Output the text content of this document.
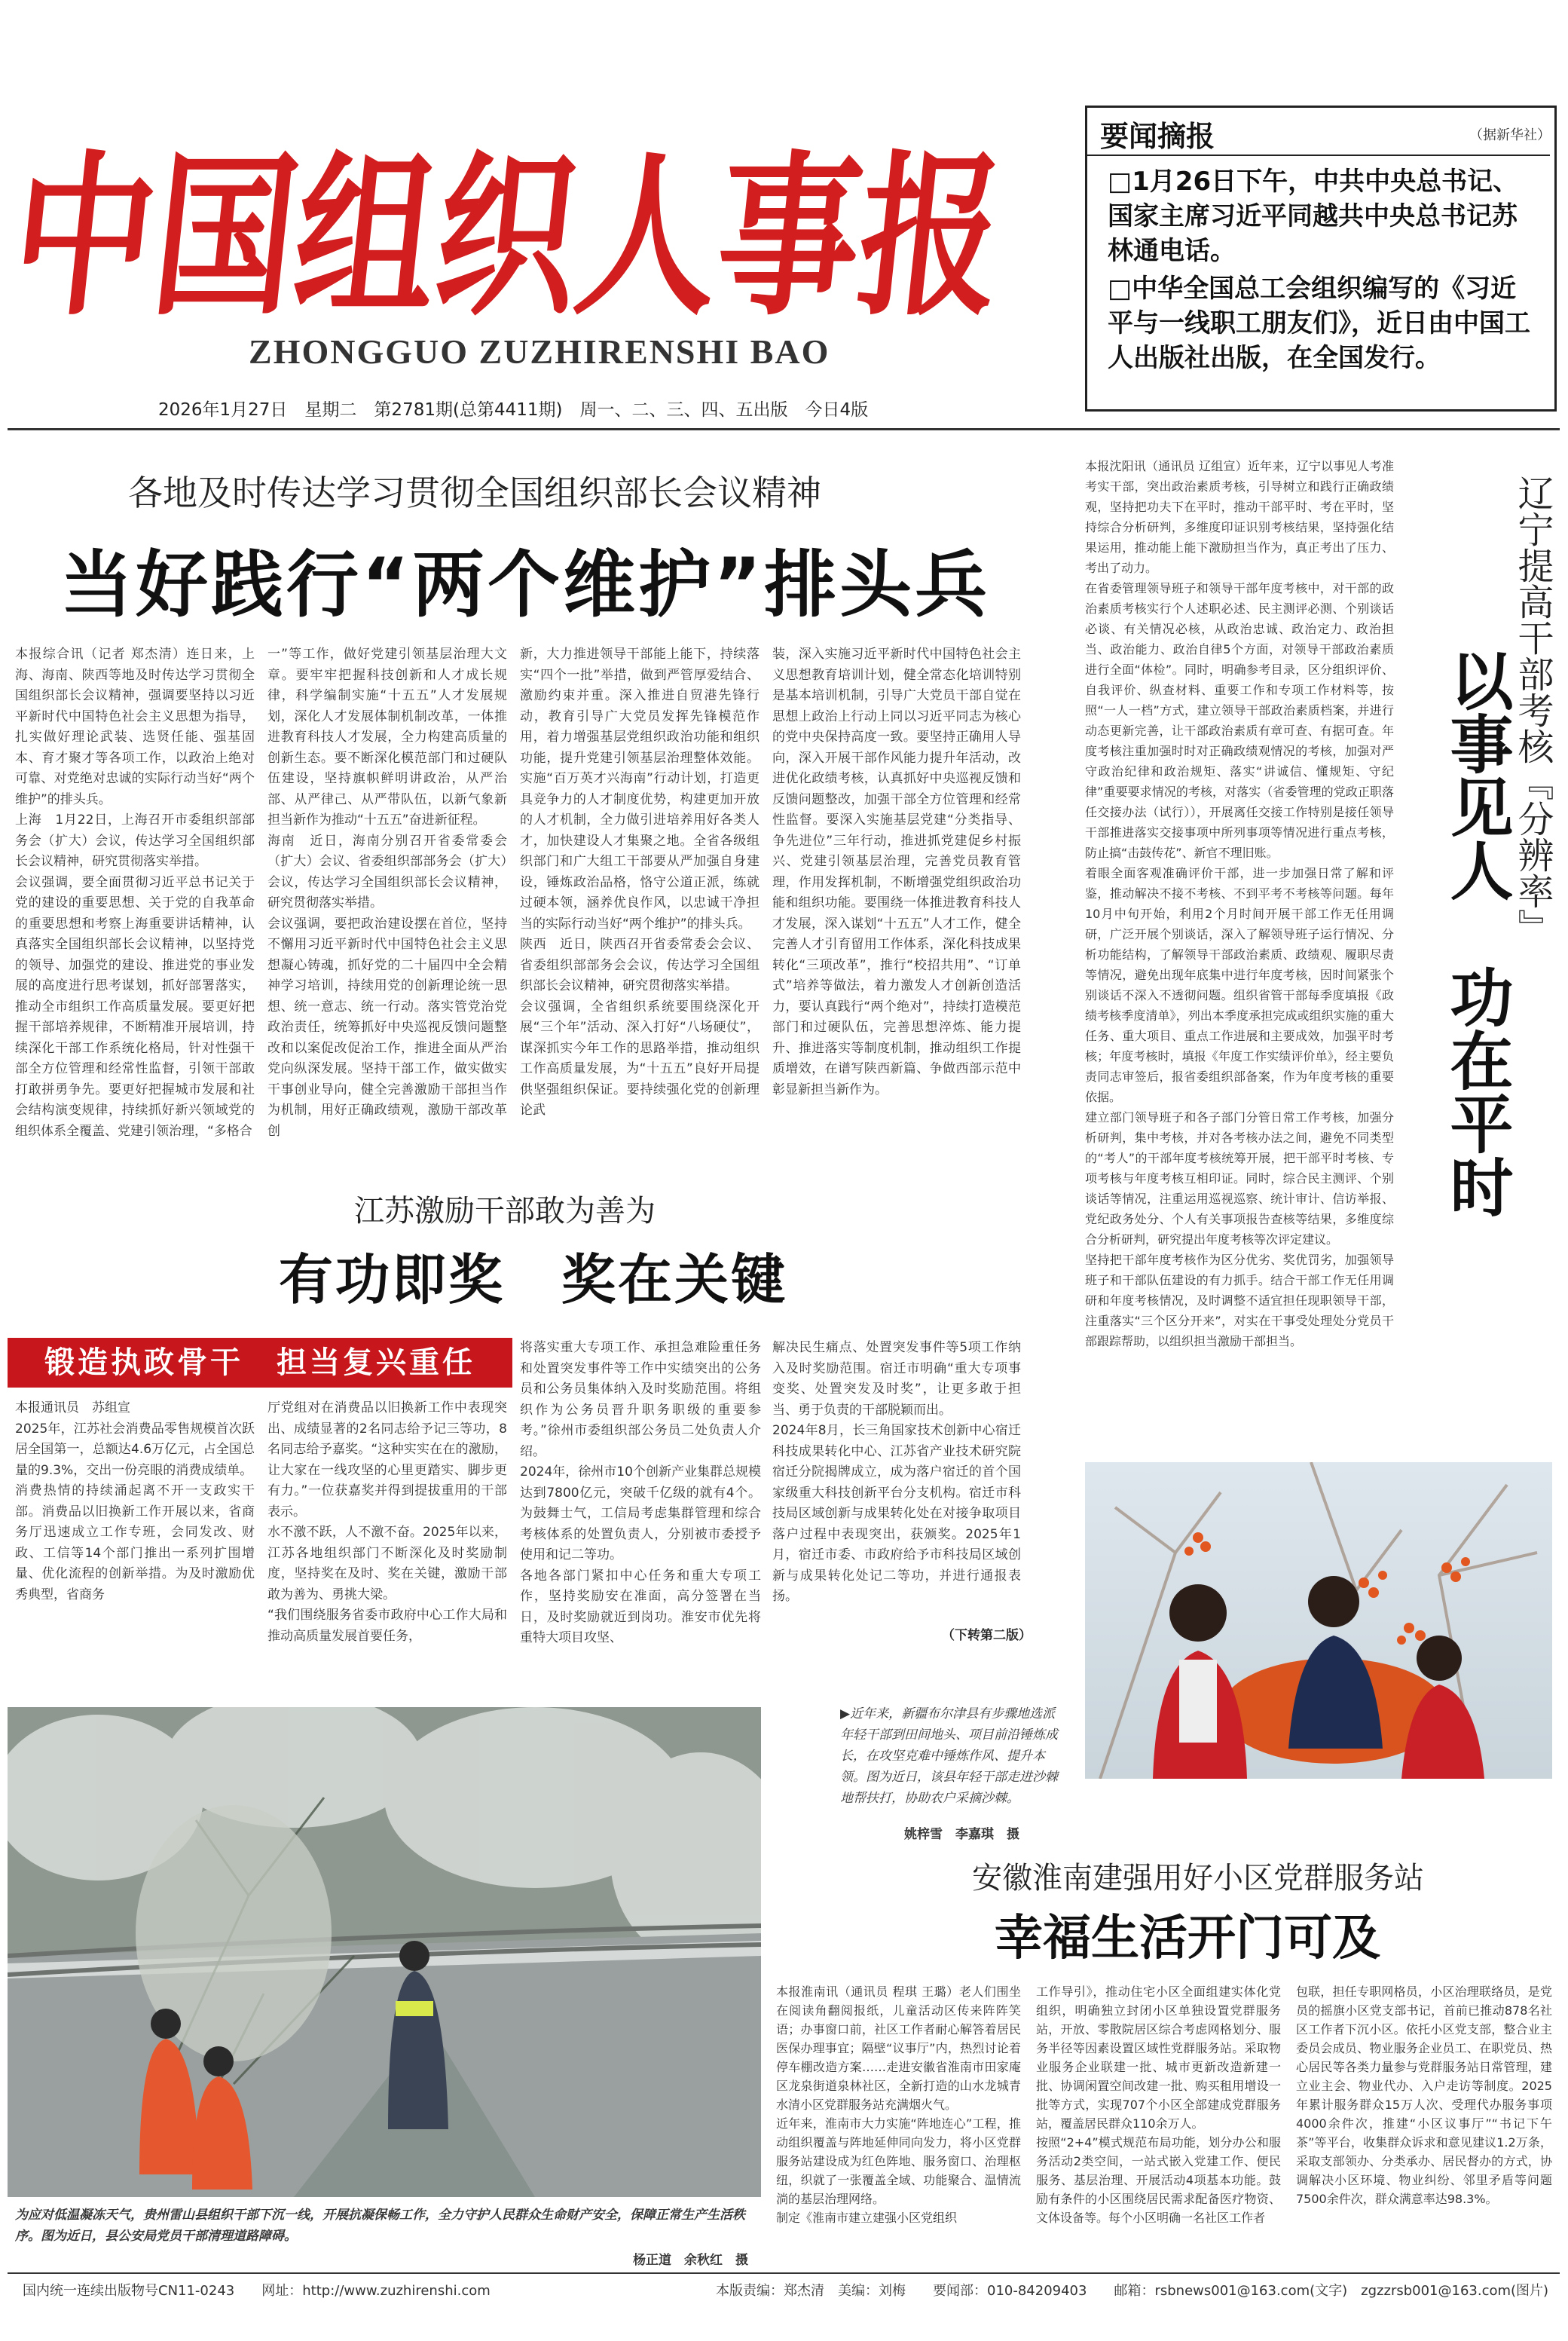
中国组织人事报
ZHONGGUO ZUZHIRENSHI BAO
2026年1月27日　星期二　第2781期(总第4411期)　周一、二、三、四、五出版　今日4版
要闻摘报	（据新华社）
□1月26日下午，中共中央总书记、国家主席习近平同越共中央总书记苏林通电话。
□中华全国总工会组织编写的《习近平与一线职工朋友们》，近日由中国工人出版社出版，在全国发行。
各地及时传达学习贯彻全国组织部长会议精神
当好践行“两个维护”排头兵
本报综合讯（记者 郑杰清）连日来，上海、海南、陕西等地及时传达学习贯彻全国组织部长会议精神，强调要坚持以习近平新时代中国特色社会主义思想为指导，扎实做好理论武装、选贤任能、强基固本、育才聚才等各项工作，以政治上绝对可靠、对党绝对忠诚的实际行动当好“两个维护”的排头兵。
上海　1月22日，上海召开市委组织部部务会（扩大）会议，传达学习全国组织部长会议精神，研究贯彻落实举措。
会议强调，要全面贯彻习近平总书记关于党的建设的重要思想、关于党的自我革命的重要思想和考察上海重要讲话精神，认真落实全国组织部长会议精神，以坚持党的领导、加强党的建设、推进党的事业发展的高度进行思考谋划，抓好部署落实，推动全市组织工作高质量发展。要更好把握干部培养规律，不断精准开展培训，持续深化干部工作系统化格局，针对性强干部全方位管理和经常性监督，引领干部敢打敢拼勇争先。要更好把握城市发展和社会结构演变规律，持续抓好新兴领域党的组织体系全覆盖、党建引领治理，“多格合
一”等工作，做好党建引领基层治理大文章。要牢牢把握科技创新和人才成长规律，科学编制实施“十五五”人才发展规划，深化人才发展体制机制改革，一体推进教育科技人才发展，全力构建高质量的创新生态。要不断深化模范部门和过硬队伍建设，坚持旗帜鲜明讲政治，从严治部、从严律己、从严带队伍，以新气象新担当新作为推动“十五五”奋进新征程。
海南　近日，海南分别召开省委常委会（扩大）会议、省委组织部部务会（扩大）会议，传达学习全国组织部长会议精神，研究贯彻落实举措。
会议强调，要把政治建设摆在首位，坚持不懈用习近平新时代中国特色社会主义思想凝心铸魂，抓好党的二十届四中全会精神学习培训，持续用党的创新理论统一思想、统一意志、统一行动。落实管党治党政治责任，统筹抓好中央巡视反馈问题整改和以案促改促治工作，推进全面从严治党向纵深发展。坚持干部工作，做实做实干事创业导向，健全完善激励干部担当作为机制，用好正确政绩观，激励干部改革创
新，大力推进领导干部能上能下，持续落实“四个一批”举措，做到严管厚爱结合、激励约束并重。深入推进自贸港先锋行动，教育引导广大党员发挥先锋模范作用，着力增强基层党组织政治功能和组织功能，提升党建引领基层治理整体效能。实施“百万英才兴海南”行动计划，打造更具竞争力的人才制度优势，构建更加开放的人才机制，全力做引进培养用好各类人才，加快建设人才集聚之地。全省各级组织部门和广大组工干部要从严加强自身建设，锤炼政治品格，恪守公道正派，练就过硬本领，涵养优良作风，以忠诚干净担当的实际行动当好“两个维护”的排头兵。
陕西　近日，陕西召开省委常委会会议、省委组织部部务会会议，传达学习全国组织部长会议精神，研究贯彻落实举措。
会议强调，全省组织系统要围绕深化开展“三个年”活动、深入打好“八场硬仗”，谋深抓实今年工作的思路举措，推动组织工作高质量发展，为“十五五”良好开局提供坚强组织保证。要持续强化党的创新理论武
装，深入实施习近平新时代中国特色社会主义思想教育培训计划，健全常态化培训特别是基本培训机制，引导广大党员干部自觉在思想上政治上行动上同以习近平同志为核心的党中央保持高度一致。要坚持正确用人导向，深入开展干部作风能力提升年活动，改进优化政绩考核，认真抓好中央巡视反馈和反馈问题整改，加强干部全方位管理和经常性监督。要深入实施基层党建“分类指导、争先进位”三年行动，推进抓党建促乡村振兴、党建引领基层治理，完善党员教育管理，作用发挥机制，不断增强党组织政治功能和组织功能。要围绕一体推进教育科技人才发展，深入谋划“十五五”人才工作，健全完善人才引育留用工作体系，深化科技成果转化“三项改革”，推行“校招共用”、“订单式”培养等做法，着力激发人才创新创造活力，要认真践行“两个绝对”，持续打造模范部门和过硬队伍，完善思想淬炼、能力提升、推进落实等制度机制，推动组织工作提质增效，在谱写陕西新篇、争做西部示范中彰显新担当新作为。
江苏激励干部敢为善为
有功即奖　奖在关键
锻造执政骨干　担当复兴重任
本报通讯员　苏组宣
2025年，江苏社会消费品零售规模首次跃居全国第一，总额达4.6万亿元，占全国总量的9.3%，交出一份亮眼的消费成绩单。
消费热情的持续涌起离不开一支政实干部。消费品以旧换新工作开展以来，省商务厅迅速成立工作专班，会同发改、财政、工信等14个部门推出一系列扩围增量、优化流程的创新举措。为及时激励优秀典型，省商务
厅党组对在消费品以旧换新工作中表现突出、成绩显著的2名同志给予记三等功，8名同志给予嘉奖。“这种实实在在的激励，让大家在一线攻坚的心里更踏实、脚步更有力。”一位获嘉奖并得到提拔重用的干部表示。
水不激不跃，人不激不奋。2025年以来，江苏各地组织部门不断深化及时奖励制度，坚持奖在及时、奖在关键，激励干部敢为善为、勇挑大梁。
“我们围绕服务省委市政府中心工作大局和推动高质量发展首要任务，
将落实重大专项工作、承担急难险重任务和处置突发事件等工作中实绩突出的公务员和公务员集体纳入及时奖励范围。将组织作为公务员晋升职务职级的重要参考。”徐州市委组织部公务员二处负责人介绍。
2024年，徐州市10个创新产业集群总规模达到7800亿元，突破千亿级的就有4个。为鼓舞士气，工信局考虑集群管理和综合考核体系的处置负责人，分别被市委授予使用和记二等功。
各地各部门紧扣中心任务和重大专项工作，坚持奖励安在准面，高分签署在当日，及时奖励就近到岗功。淮安市优先将重特大项目攻坚、
解决民生痛点、处置突发事件等5项工作纳入及时奖励范围。宿迁市明确“重大专项事变奖、处置突发及时奖”，让更多敢于担当、勇于负责的干部脱颖而出。
2024年8月，长三角国家技术创新中心宿迁科技成果转化中心、江苏省产业技术研究院宿迁分院揭牌成立，成为落户宿迁的首个国家级重大科技创新平台分支机构。宿迁市科技局区域创新与成果转化处在对接争取项目落户过程中表现突出，获颁奖。2025年1月，宿迁市委、市政府给予市科技局区域创新与成果转化处记二等功，并进行通报表扬。
（下转第二版）
本报沈阳讯（通讯员 辽组宣）近年来，辽宁以事见人考准考实干部，突出政治素质考核，引导树立和践行正确政绩观，坚持把功夫下在平时，推动干部平时、考在平时，坚持综合分析研判，多维度印证识别考核结果，坚持强化结果运用，推动能上能下激励担当作为，真正考出了压力、考出了动力。
在省委管理领导班子和领导干部年度考核中，对干部的政治素质考核实行个人述职必述、民主测评必测、个别谈话必谈、有关情况必核，从政治忠诚、政治定力、政治担当、政治能力、政治自律5个方面，对领导干部政治素质进行全面“体检”。同时，明确参考目录，区分组织评价、自我评价、纵查材料、重要工作和专项工作材料等，按照“一人一档”方式，建立领导干部政治素质档案，并进行动态更新完善，让干部政治素质有章可查、有据可查。年度考核注重加强时时对正确政绩观情况的考核，加强对严守政治纪律和政治规矩、落实“讲诚信、懂规矩、守纪律”重要要求情况的考核，对落实（省委管理的党政正职落任交接办法（试行）），开展离任交接工作特别是接任领导干部推进落实交接事项中所列事项等情况进行重点考核，防止搞“击鼓传花”、新官不理旧账。
着眼全面客观准确评价干部，进一步加强日常了解和评鉴，推动解决不接不考核、不到平考不考核等问题。每年10月中旬开始，利用2个月时间开展干部工作无任用调研，广泛开展个别谈话，深入了解领导班子运行情况、分析功能结构，了解领导干部政治素质、政绩观、履职尽责等情况，避免出现年底集中进行年度考核，因时间紧张个别谈话不深入不透彻问题。组织省管干部每季度填报《政绩考核季度清单》，列出本季度承担完成或组织实施的重大任务、重大项目、重点工作进展和主要成效，加强平时考核；年度考核时，填报《年度工作实绩评价单》，经主要负责同志审签后，报省委组织部备案，作为年度考核的重要依据。
建立部门领导班子和各子部门分管日常工作考核，加强分析研判，集中考核，并对各考核办法之间，避免不同类型的“考人”的干部年度考核统筹开展，把干部平时考核、专项考核与年度考核互相印证。同时，综合民主测评、个别谈话等情况，注重运用巡视巡察、统计审计、信访举报、党纪政务处分、个人有关事项报告查核等结果，多维度综合分析研判，研究提出年度考核等次评定建议。
坚持把干部年度考核作为区分优劣、奖优罚劣，加强领导班子和干部队伍建设的有力抓手。结合干部工作无任用调研和年度考核情况，及时调整不适宜担任现职领导干部，注重落实“三个区分开来”，对实在干事受处理处分党员干部跟踪帮助，以组织担当激励干部担当。
辽宁提高干部考核『分辨率』
以事见人　功在平时
▶近年来，新疆布尔津县有步骤地选派年轻干部到田间地头、项目前沿锤炼成长，在攻坚克难中锤炼作风、提升本领。图为近日，该县年轻干部走进沙棘地帮扶打，协助农户采摘沙棘。
姚梓雪　李嘉琪　摄
为应对低温凝冻天气，贵州雷山县组织干部下沉一线，开展抗凝保畅工作，全力守护人民群众生命财产安全，保障正常生产生活秩序。图为近日，县公安局党员干部清理道路障碍。
杨正道　余秋红　摄
安徽淮南建强用好小区党群服务站
幸福生活开门可及
本报淮南讯（通讯员 程琪 王璐）老人们围坐在阅读角翻阅报纸，儿童活动区传来阵阵笑语；办事窗口前，社区工作者耐心解答着居民医保办理事宜；隔壁“议事厅”内，热烈讨论着停车棚改造方案……走进安徽省淮南市田家庵区龙泉街道泉林社区，全新打造的山水龙城青水清小区党群服务站充满烟火气。
近年来，淮南市大力实施“阵地连心”工程，推动组织覆盖与阵地延伸同向发力，将小区党群服务站建设成为红色阵地、服务窗口、治理枢纽，织就了一张覆盖全域、功能聚合、温情流淌的基层治理网络。
制定《淮南市建立建强小区党组织
工作导引》，推动住宅小区全面组建实体化党组织，明确独立封闭小区单独设置党群服务站，开放、零散院居区综合考虑网格划分、服务半径等因素设置区域性党群服务站。采取物业服务企业联建一批、城市更新改造新建一批、协调闲置空间改建一批、购买租用增设一批等方式，实现707个小区全部建成党群服务站，覆盖居民群众110余万人。
按照“2+4”模式规范布局功能，划分办公和服务活动2类空间，一站式嵌入党建工作、便民服务、基层治理、开展活动4项基本功能。鼓励有条件的小区围绕居民需求配备医疗物资、文体设备等。每个小区明确一名社区工作者
包联，担任专职网格员，小区治理联络员，是党员的摇旗小区党支部书记，首前已推动878名社区工作者下沉小区。依托小区党支部，整合业主委员会成员、物业服务企业员工、在职党员、热心居民等各类力量参与党群服务站日常管理，建立业主会、物业代办、入户走访等制度。2025年累计服务群众15万人次、受理代办服务事项4000余件次，推建“小区议事厅”“书记下午茶”等平台，收集群众诉求和意见建议1.2万条，采取支部领办、分类承办、居民督办的方式，协调解决小区环境、物业纠纷、邻里矛盾等问题7500余件次，群众满意率达98.3%。
国内统一连续出版物号CN11-0243　　网址：http://www.zuzhirenshi.com	本版责编：郑杰清　美编：刘梅　　要闻部：010-84209403　　邮箱：rsbnews001@163.com(文字)　zgzzrsb001@163.com(图片)
